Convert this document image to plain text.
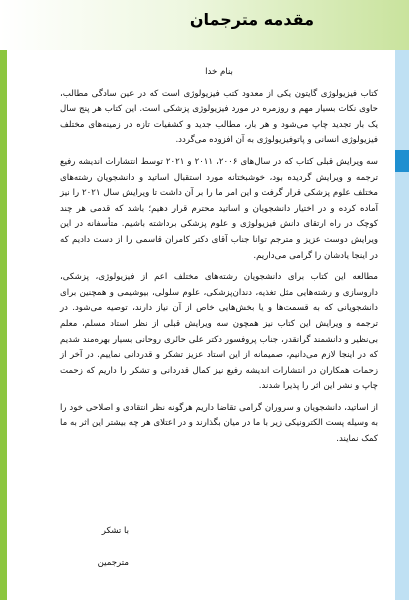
مقدمه مترجمان
بنام خدا

کتاب فیزیولوژی گایتون یکی از معدود کتب فیزیولوژی است که در عین سادگی مطالب، حاوی نکات بسیار مهم و روزمره در مورد فیزیولوژی پزشکی است. این کتاب هر پنج سال یک بار تجدید چاپ می‌شود و هر بار، مطالب جدید و کشفیات تازه در زمینه‌های مختلف فیزیولوژی انسانی و پاتوفیزیولوژی به آن افزوده می‌گردد.

سه ویرایش قبلی کتاب که در سال‌های ۲۰۰۶، ۲۰۱۱ و ۲۰۲۱ توسط انتشارات اندیشه رفیع ترجمه و ویرایش گردیده بود، خوشبختانه مورد استقبال اساتید و دانشجویان رشته‌های مختلف علوم پزشکی قرار گرفت و این امر ما را بر آن داشت تا ویرایش سال ۲۰۲۱ را نیز آماده کرده و در اختیار دانشجویان و اساتید محترم قرار دهیم؛ باشد که قدمی هر چند کوچک در راه ارتقای دانش فیزیولوژی و علوم پزشکی برداشته باشیم. متأسفانه در این ویرایش دوست عزیز و مترجم توانا جناب آقای دکتر کامران قاسمی را از دست دادیم که در اینجا یادشان را گرامی می‌داریم.

مطالعه این کتاب برای دانشجویان رشته‌های مختلف اعم از فیزیولوژی، پزشکی، داروسازی و رشته‌هایی مثل تغذیه، دندان‌پزشکی، علوم سلولی، بیوشیمی و همچنین برای دانشجویانی که به قسمت‌ها و یا بخش‌هایی خاص از آن نیاز دارند، توصیه می‌شود. در ترجمه و ویرایش این کتاب نیز همچون سه ویرایش قبلی از نظر استاد مسلم، معلم بی‌نظیر و دانشمند گرانقدر، جناب پروفسور دکتر علی حائری روحانی بسیار بهره‌مند شدیم که در اینجا لازم می‌دانیم، صمیمانه از این استاد عزیز تشکر و قدردانی نماییم. در آخر از زحمات همکاران در انتشارات اندیشه رفیع نیز کمال قدردانی و تشکر را داریم که زحمت چاپ و نشر این اثر را پذیرا شدند.

از اساتید، دانشجویان و سروران گرامی تقاضا داریم هرگونه نظر انتقادی و اصلاحی خود را به وسیله پست الکترونیکی زیر با ما در میان بگذارند و در اعتلای هر چه بیشتر این اثر به ما کمک نمایند.

با تشکر
مترجمین
